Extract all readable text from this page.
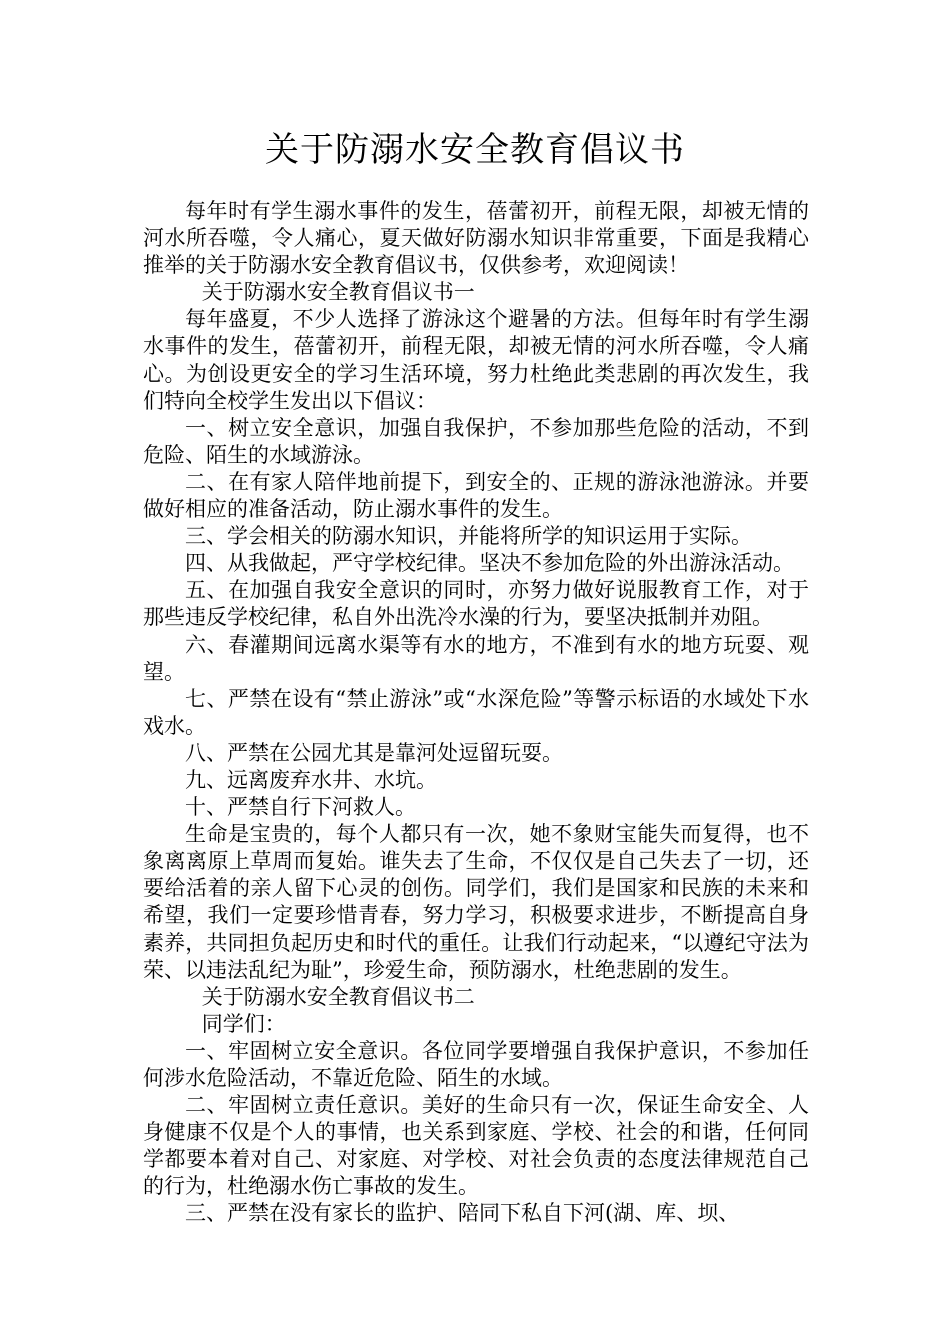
关于防溺水安全教育倡议书

每年时有学生溺水事件的发生，蓓蕾初开，前程无限，却被无情的河水所吞噬，令人痛心，夏天做好防溺水知识非常重要，下面是我精心推举的关于防溺水安全教育倡议书，仅供参考，欢迎阅读！

关于防溺水安全教育倡议书一

每年盛夏，不少人选择了游泳这个避暑的方法。但每年时有学生溺水事件的发生，蓓蕾初开，前程无限，却被无情的河水所吞噬，令人痛心。为创设更安全的学习生活环境，努力杜绝此类悲剧的再次发生，我们特向全校学生发出以下倡议：

一、树立安全意识，加强自我保护，不参加那些危险的活动，不到危险、陌生的水域游泳。

二、在有家人陪伴地前提下，到安全的、正规的游泳池游泳。并要做好相应的准备活动，防止溺水事件的发生。

三、学会相关的防溺水知识，并能将所学的知识运用于实际。

四、从我做起，严守学校纪律。坚决不参加危险的外出游泳活动。

五、在加强自我安全意识的同时，亦努力做好说服教育工作，对于那些违反学校纪律，私自外出洗冷水澡的行为，要坚决抵制并劝阻。

六、春灌期间远离水渠等有水的地方，不准到有水的地方玩耍、观望。

七、严禁在设有“禁止游泳”或“水深危险”等警示标语的水域处下水戏水。

八、严禁在公园尤其是靠河处逗留玩耍。

九、远离废弃水井、水坑。

十、严禁自行下河救人。

生命是宝贵的，每个人都只有一次，她不象财宝能失而复得，也不象离离原上草周而复始。谁失去了生命，不仅仅是自己失去了一切，还要给活着的亲人留下心灵的创伤。同学们，我们是国家和民族的未来和希望，我们一定要珍惜青春，努力学习，积极要求进步，不断提高自身素养，共同担负起历史和时代的重任。让我们行动起来，“以遵纪守法为荣、以违法乱纪为耻”，珍爱生命，预防溺水，杜绝悲剧的发生。

关于防溺水安全教育倡议书二

同学们：

一、牢固树立安全意识。各位同学要增强自我保护意识，不参加任何涉水危险活动，不靠近危险、陌生的水域。

二、牢固树立责任意识。美好的生命只有一次，保证生命安全、人身健康不仅是个人的事情，也关系到家庭、学校、社会的和谐，任何同学都要本着对自己、对家庭、对学校、对社会负责的态度法律规范自己的行为，杜绝溺水伤亡事故的发生。

三、严禁在没有家长的监护、陪同下私自下河(湖、库、坝、
